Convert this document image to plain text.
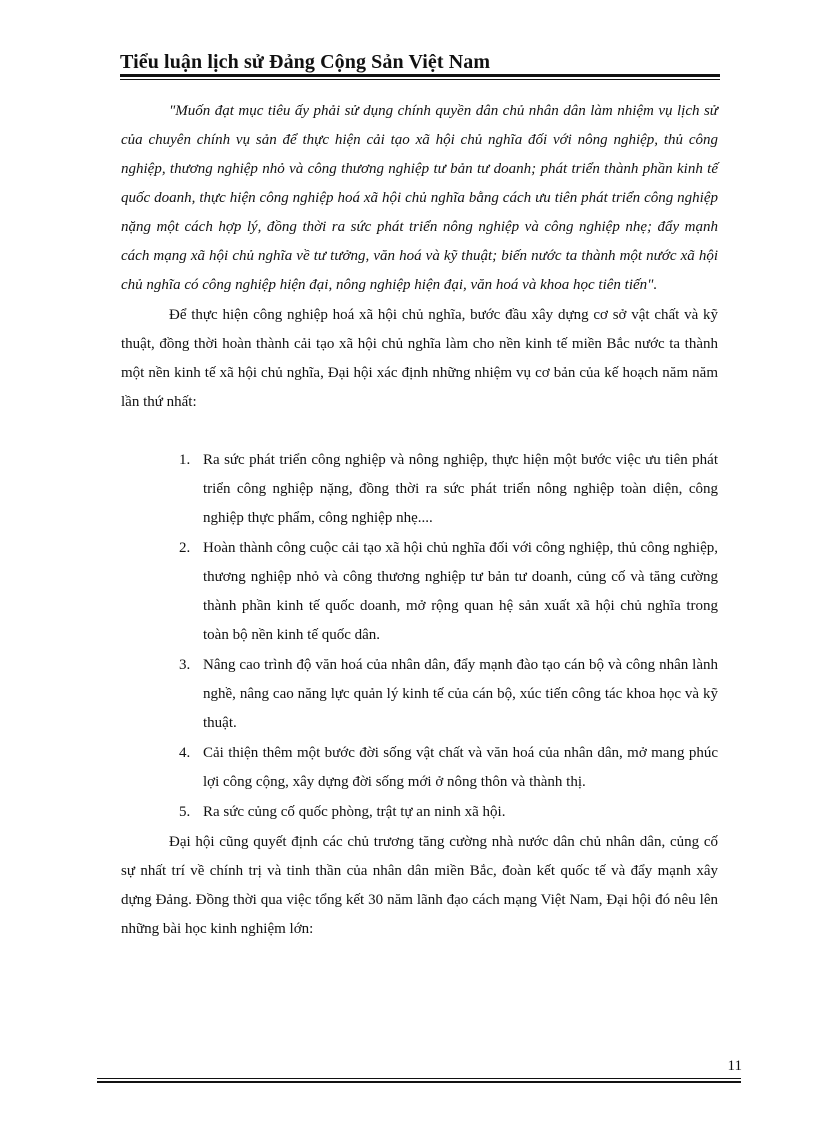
Tiểu luận lịch sử Đảng Cộng Sản Việt Nam

"Muốn đạt mục tiêu ấy phải sử dụng chính quyền dân chủ nhân dân làm nhiệm vụ lịch sử của chuyên chính vụ sản để thực hiện cải tạo xã hội chủ nghĩa đối với nông nghiệp, thủ công nghiệp, thương nghiệp nhỏ và công thương nghiệp tư bản tư doanh; phát triển thành phần kinh tế quốc doanh, thực hiện công nghiệp hoá xã hội chủ nghĩa bằng cách ưu tiên phát triển công nghiệp nặng một cách hợp lý, đồng thời ra sức phát triển nông nghiệp và công nghiệp nhẹ; đẩy mạnh cách mạng xã hội chủ nghĩa về tư tưởng, văn hoá và kỹ thuật; biến nước ta thành một nước xã hội chủ nghĩa có công nghiệp hiện đại, nông nghiệp hiện đại, văn hoá và khoa học tiên tiến".

Để thực hiện công nghiệp hoá xã hội chủ nghĩa, bước đầu xây dựng cơ sở vật chất và kỹ thuật, đồng thời hoàn thành cải tạo xã hội chủ nghĩa làm cho nền kinh tế miền Bắc nước ta thành một nền kinh tế xã hội chủ nghĩa, Đại hội xác định những nhiệm vụ cơ bản của kế hoạch năm năm lần thứ nhất:

1. Ra sức phát triển công nghiệp và nông nghiệp, thực hiện một bước việc ưu tiên phát triển công nghiệp nặng, đồng thời ra sức phát triển nông nghiệp toàn diện, công nghiệp thực phẩm, công nghiệp nhẹ....
2. Hoàn thành công cuộc cải tạo xã hội chủ nghĩa đối với công nghiệp, thủ công nghiệp, thương nghiệp nhỏ và công thương nghiệp tư bản tư doanh, củng cố và tăng cường thành phần kinh tế quốc doanh, mở rộng quan hệ sản xuất xã hội chủ nghĩa trong toàn bộ nền kinh tế quốc dân.
3. Nâng cao trình độ văn hoá của nhân dân, đẩy mạnh đào tạo cán bộ và công nhân lành nghề, nâng cao năng lực quản lý kinh tế của cán bộ, xúc tiến công tác khoa học và kỹ thuật.
4. Cải thiện thêm một bước đời sống vật chất và văn hoá của nhân dân, mở mang phúc lợi công cộng, xây dựng đời sống mới ở nông thôn và thành thị.
5. Ra sức củng cố quốc phòng, trật tự an ninh xã hội.

Đại hội cũng quyết định các chủ trương tăng cường nhà nước dân chủ nhân dân, củng cố sự nhất trí về chính trị và tinh thần của nhân dân miền Bắc, đoàn kết quốc tế và đẩy mạnh xây dựng Đảng. Đồng thời qua việc tổng kết 30 năm lãnh đạo cách mạng Việt Nam, Đại hội đó nêu lên những bài học kinh nghiệm lớn:

11
